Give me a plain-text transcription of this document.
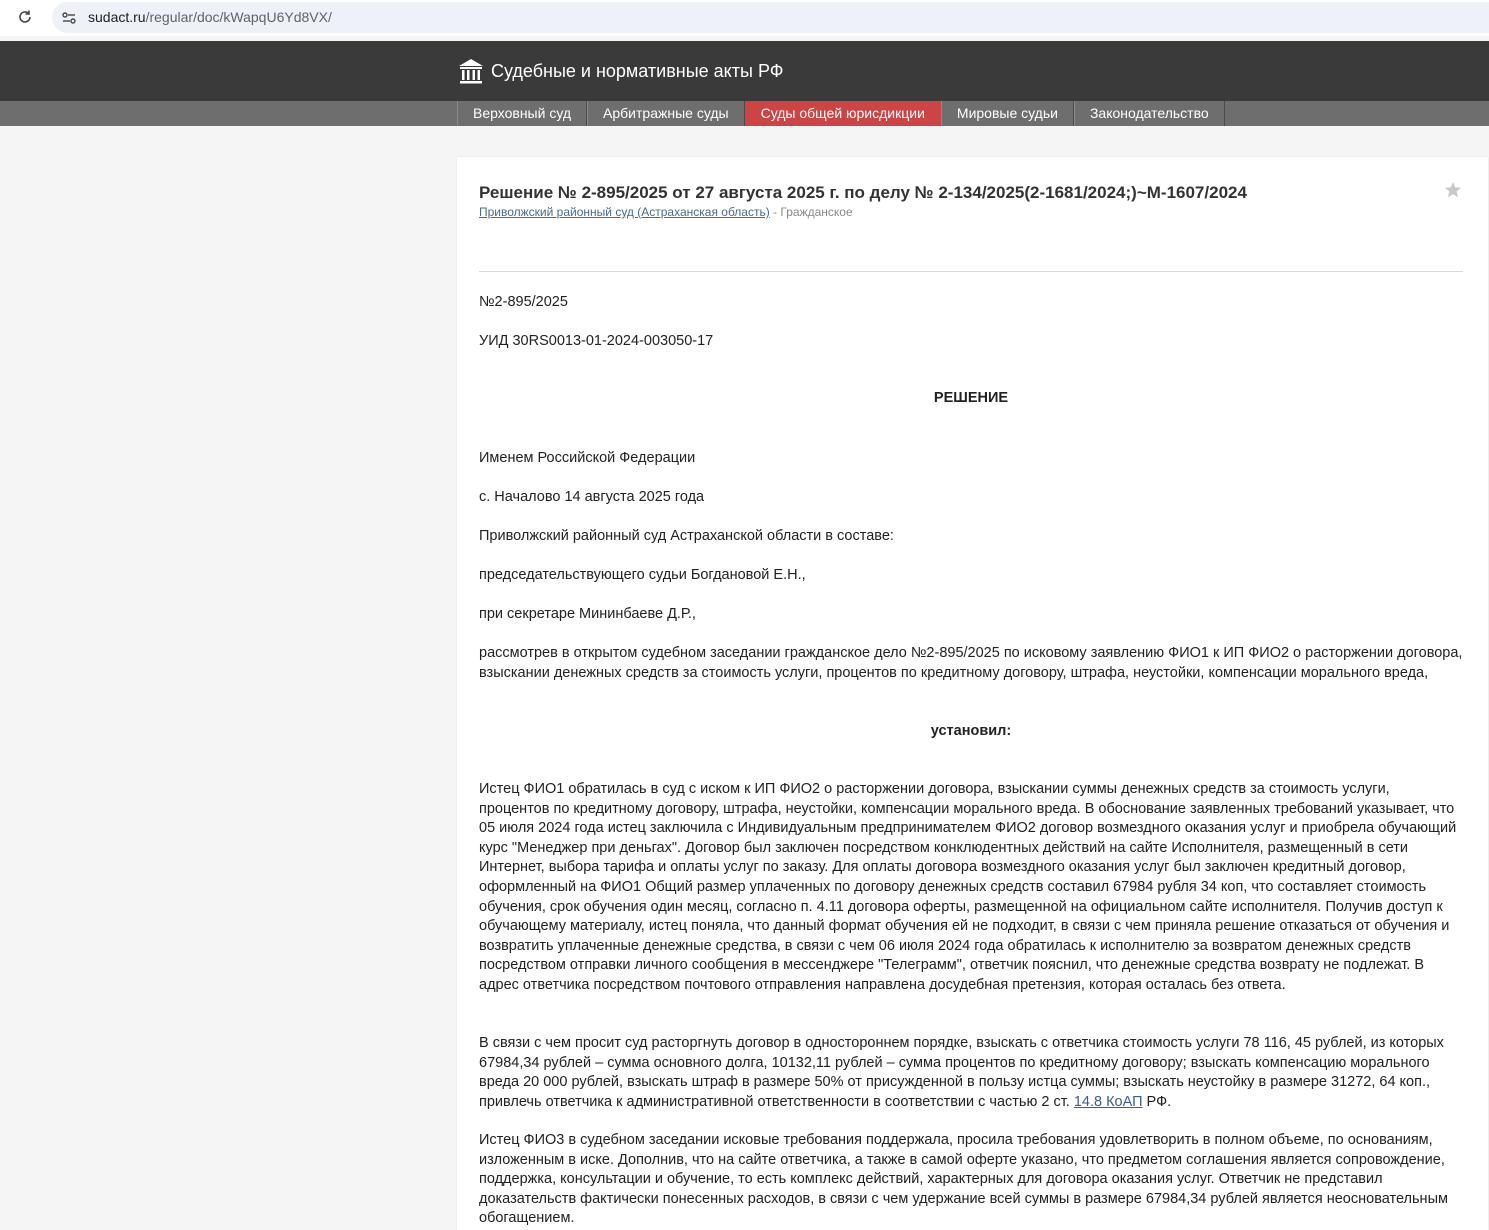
sudact.ru/regular/doc/kWapqU6Yd8VX/
Судебные и нормативные акты РФ
Верховный суд	Арбитражные суды	Суды общей юрисдикции	Мировые судьи	Законодательство
Решение № 2-895/2025 от 27 августа 2025 г. по делу № 2-134/2025(2-1681/2024;)~М-1607/2024
Приволжский районный суд (Астраханская область) - Гражданское

№2-895/2025

УИД 30RS0013-01-2024-003050-17

РЕШЕНИЕ

Именем Российской Федерации

с. Началово 14 августа 2025 года

Приволжский районный суд Астраханской области в составе:

председательствующего судьи Богдановой Е.Н.,

при секретаре Мининбаеве Д.Р.,

рассмотрев в открытом судебном заседании гражданское дело №2-895/2025 по исковому заявлению ФИО1 к ИП ФИО2 о расторжении договора, взыскании денежных средств за стоимость услуги, процентов по кредитному договору, штрафа, неустойки, компенсации морального вреда,

установил:

Истец ФИО1 обратилась в суд с иском к ИП ФИО2 о расторжении договора, взыскании суммы денежных средств за стоимость услуги, процентов по кредитному договору, штрафа, неустойки, компенсации морального вреда. В обоснование заявленных требований указывает, что 05 июля 2024 года истец заключила с Индивидуальным предпринимателем ФИО2 договор возмездного оказания услуг и приобрела обучающий курс "Менеджер при деньгах". Договор был заключен посредством конклюдентных действий на сайте Исполнителя, размещенный в сети Интернет, выбора тарифа и оплаты услуг по заказу. Для оплаты договора возмездного оказания услуг был заключен кредитный договор, оформленный на ФИО1 Общий размер уплаченных по договору денежных средств составил 67984 рубля 34 коп, что составляет стоимость обучения, срок обучения один месяц, согласно п. 4.11 договора оферты, размещенной на официальном сайте исполнителя. Получив доступ к обучающему материалу, истец поняла, что данный формат обучения ей не подходит, в связи с чем приняла решение отказаться от обучения и возвратить уплаченные денежные средства, в связи с чем 06 июля 2024 года обратилась к исполнителю за возвратом денежных средств посредством отправки личного сообщения в мессенджере "Телеграмм", ответчик пояснил, что денежные средства возврату не подлежат. В адрес ответчика посредством почтового отправления направлена досудебная претензия, которая осталась без ответа.

В связи с чем просит суд расторгнуть договор в одностороннем порядке, взыскать с ответчика стоимость услуги 78 116, 45 рублей, из которых 67984,34 рублей – сумма основного долга, 10132,11 рублей – сумма процентов по кредитному договору; взыскать компенсацию морального вреда 20 000 рублей, взыскать штраф в размере 50% от присужденной в пользу истца суммы; взыскать неустойку в размере 31272, 64 коп., привлечь ответчика к административной ответственности в соответствии с частью 2 ст. 14.8 КоАП РФ.

Истец ФИО3 в судебном заседании исковые требования поддержала, просила требования удовлетворить в полном объеме, по основаниям, изложенным в иске. Дополнив, что на сайте ответчика, а также в самой оферте указано, что предметом соглашения является сопровождение, поддержка, консультации и обучение, то есть комплекс действий, характерных для договора оказания услуг. Ответчик не представил доказательств фактически понесенных расходов, в связи с чем удержание всей суммы в размере 67984,34 рублей является неосновательным обогащением.
